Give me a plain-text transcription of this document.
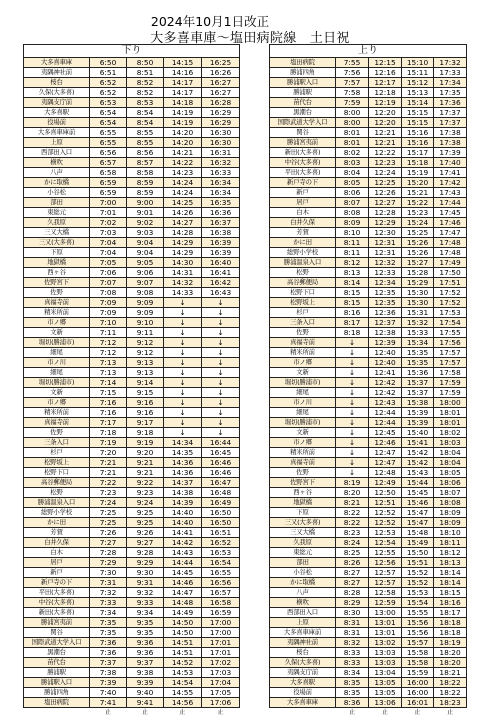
2024年10月1日改正
大多喜車庫～塩田病院線　土日祝
下り				
大多喜車庫	6:50	8:50	14:15	16:25
夷隅神社前	6:51	8:51	14:16	16:26
桜台	6:52	8:52	14:17	16:27
久保(大多喜)	6:52	8:52	14:17	16:27
夷隅支庁前	6:53	8:53	14:18	16:28
大多喜駅	6:54	8:54	14:19	16:29
役場前	6:54	8:54	14:19	16:29
大多喜車庫前	6:55	8:55	14:20	16:30
上原	6:55	8:55	14:20	16:30
西部田入口	6:56	8:56	14:21	16:31
横吹	6:57	8:57	14:22	16:32
八声	6:58	8:58	14:23	16:33
かに取橋	6:59	8:59	14:24	16:34
小谷松	6:59	8:59	14:24	16:34
部田	7:00	9:00	14:25	16:35
東総元	7:01	9:01	14:26	16:36
久我原	7:02	9:02	14:27	16:37
三又大橋	7:03	9:03	14:28	16:38
三又(大多喜)	7:04	9:04	14:29	16:39
下原	7:04	9:04	14:29	16:39
地獄橋	7:05	9:05	14:30	16:40
西ヶ谷	7:06	9:06	14:31	16:41
佐野宮下	7:07	9:07	14:32	16:42
佐野	7:08	9:08	14:33	16:43
真福寺前	7:09	9:09	↓	↓
精米所前	7:09	9:09	↓	↓
市ノ郷	7:10	9:10	↓	↓
文新	7:11	9:11	↓	↓
堀切(勝浦市)	7:12	9:12	↓	↓
細尾	7:12	9:12	↓	↓
市ノ川	7:13	9:13	↓	↓
細尾	7:13	9:13	↓	↓
堀切(勝浦市)	7:14	9:14	↓	↓
文新	7:15	9:15	↓	↓
市ノ郷	7:16	9:16	↓	↓
精米所前	7:16	9:16	↓	↓
真福寺前	7:17	9:17	↓	↓
佐野	7:18	9:18	↓	↓
三条入口	7:19	9:19	14:34	16:44
杉戸	7:20	9:20	14:35	16:45
松野坂上	7:21	9:21	14:36	16:46
松野下口	7:21	9:21	14:36	16:46
高谷郵便局	7:22	9:22	14:37	16:47
松野	7:23	9:23	14:38	16:48
勝浦温泉入口	7:24	9:24	14:39	16:49
総野小学校	7:25	9:25	14:40	16:50
かに田	7:25	9:25	14:40	16:50
芳賀	7:26	9:26	14:41	16:51
白井久保	7:27	9:27	14:42	16:52
白木	7:28	9:28	14:43	16:53
居戸	7:29	9:29	14:44	16:54
新戸	7:30	9:30	14:45	16:55
新戸寺の下	7:31	9:31	14:46	16:56
平田(大多喜)	7:32	9:32	14:47	16:57
中谷(大多喜)	7:33	9:33	14:48	16:58
新田(大多喜)	7:34	9:34	14:49	16:59
勝浦宮夷前	7:35	9:35	14:50	17:00
関谷	7:35	9:35	14:50	17:00
国際武道大学入口	7:36	9:36	14:51	17:01
黒潮台	7:36	9:36	14:51	17:01
苗代台	7:37	9:37	14:52	17:02
勝浦駅	7:38	9:38	14:53	17:03
勝浦駅入口	7:39	9:39	14:54	17:04
勝浦四角	7:40	9:40	14:55	17:05
塩田病院	7:41	9:41	14:56	17:06
	止	止	止	止
上り				
塩田病院	7:55	12:15	15:10	17:32
勝浦四角	7:56	12:16	15:11	17:33
勝浦駅入口	7:57	12:17	15:12	17:34
勝浦駅	7:58	12:18	15:13	17:35
苗代台	7:59	12:19	15:14	17:36
黒潮台	8:00	12:20	15:15	17:37
国際武道大学入口	8:00	12:20	15:15	17:37
関谷	8:01	12:21	15:16	17:38
勝浦宮夷前	8:01	12:21	15:16	17:38
新田(大多喜)	8:02	12:22	15:17	17:39
中谷(大多喜)	8:03	12:23	15:18	17:40
平田(大多喜)	8:04	12:24	15:19	17:41
新戸寺の下	8:05	12:25	15:20	17:42
新戸	8:06	12:26	15:21	17:43
居戸	8:07	12:27	15:22	17:44
白木	8:08	12:28	15:23	17:45
白井久保	8:09	12:29	15:24	17:46
芳賀	8:10	12:30	15:25	17:47
かに田	8:11	12:31	15:26	17:48
総野小学校	8:11	12:31	15:26	17:48
勝浦温泉入口	8:12	12:32	15:27	17:49
松野	8:13	12:33	15:28	17:50
高谷郵便局	8:14	12:34	15:29	17:51
松野下口	8:15	12:35	15:30	17:52
松野坂上	8:15	12:35	15:30	17:52
杉戸	8:16	12:36	15:31	17:53
三条入口	8:17	12:37	15:32	17:54
佐野	8:18	12:38	15:33	17:55
真福寺前	↓	12:39	15:34	17:56
精米所前	↓	12:40	15:35	17:57
市ノ郷	↓	12:40	15:35	17:57
文新	↓	12:41	15:36	17:58
堀切(勝浦市)	↓	12:42	15:37	17:59
細尾	↓	12:42	15:37	17:59
市ノ川	↓	12:43	15:38	18:00
細尾	↓	12:44	15:39	18:01
堀切(勝浦市)	↓	12:44	15:39	18:01
文新	↓	12:45	15:40	18:02
市ノ郷	↓	12:46	15:41	18:03
精米所前	↓	12:47	15:42	18:04
真福寺前	↓	12:47	15:42	18:04
佐野	↓	12:48	15:43	18:05
佐野宮下	8:19	12:49	15:44	18:06
西ヶ谷	8:20	12:50	15:45	18:07
地獄橋	8:21	12:51	15:46	18:08
下原	8:22	12:52	15:47	18:09
三又(大多喜)	8:22	12:52	15:47	18:09
三又大橋	8:23	12:53	15:48	18:10
久我原	8:24	12:54	15:49	18:11
東総元	8:25	12:55	15:50	18:12
部田	8:26	12:56	15:51	18:13
小谷松	8:27	12:57	15:52	18:14
かに取橋	8:27	12:57	15:52	18:14
八声	8:28	12:58	15:53	18:15
横吹	8:29	12:59	15:54	18:16
西部田入口	8:30	13:00	15:55	18:17
上原	8:31	13:01	15:56	18:18
大多喜車庫前	8:31	13:01	15:56	18:18
夷隅神社前	8:32	13:02	15:57	18:19
桜台	8:33	13:03	15:58	18:20
久保(大多喜)	8:33	13:03	15:58	18:20
夷隅支庁前	8:34	13:04	15:59	18:21
大多喜駅	8:35	13:05	16:00	18:22
役場前	8:35	13:05	16:00	18:22
大多喜車庫	8:36	13:06	16:01	18:23
	止	止	止	止
